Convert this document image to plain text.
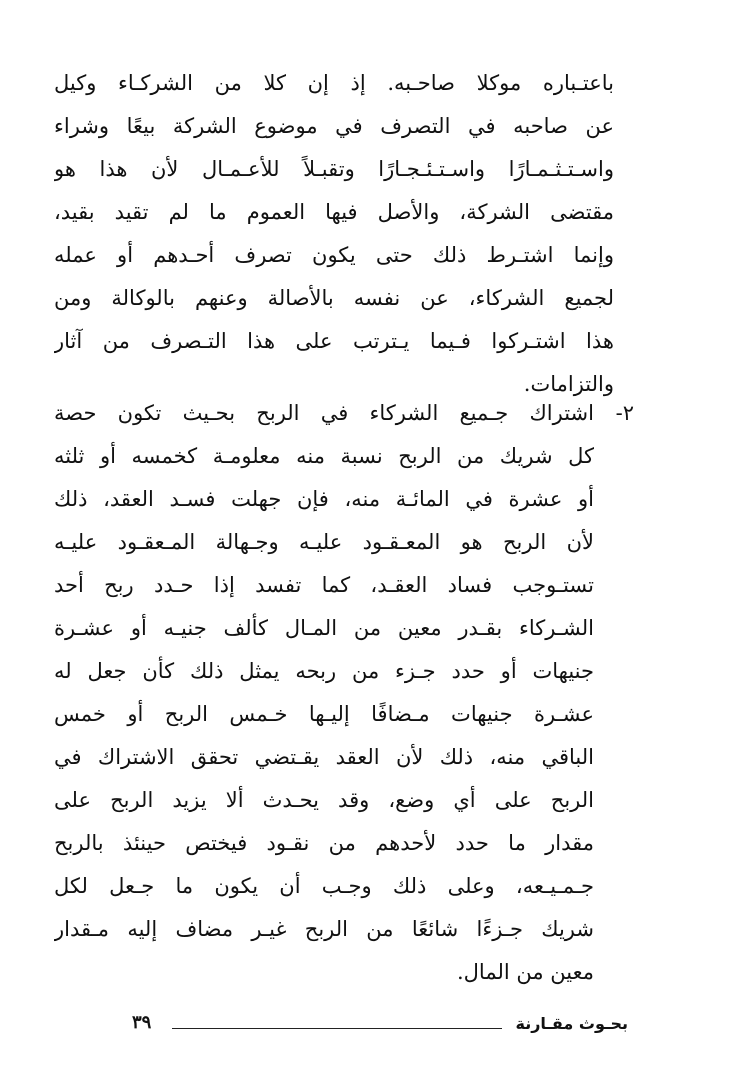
باعتـباره موكلا صاحـبه. إذ إن كلا من الشركـاء وكيل
عن صاحبه في التصرف في موضوع الشركة بيعًا وشراء
واسـتـثـمـارًا واسـتـئـجـارًا وتقبـلاً للأعـمـال لأن هذا هو
مقتضى الشركة، والأصل فيها العموم ما لم تقيد بقيد،
وإنما اشتـرط ذلك حتى يكون تصرف أحـدهم أو عمله
لجميع الشركاء، عن نفسه بالأصالة وعنهم بالوكالة ومن
هذا اشتـركوا فـيما يـترتب على هذا التـصرف من آثار
والتزامات.
٢-
اشتراك جـميع الشركاء في الربح بحـيث تكون حصة
كل شريك من الربح نسبة منه معلومـة كخمسه أو ثلثه
أو عشرة في المائـة منه، فإن جهلت فسـد العقد، ذلك
لأن الربح هو المعـقـود عليـه وجـهالة المـعقـود عليـه
تستـوجب فساد العقـد، كما تفسد إذا حـدد ربح أحد
الشـركاء بقـدر معين من المـال كألف جنيـه أو عشـرة
جنيهات أو حدد جـزء من ربحه يمثل ذلك كأن جعل له
عشـرة جنيهات مـضافًا إليـها خـمس الربح أو خمس
الباقي منه، ذلك لأن العقد يقـتضي تحقق الاشتراك في
الربح على أي وضع، وقد يحـدث ألا يزيد الربح على
مقدار ما حدد لأحدهم من نقـود فيختص حينئذ بالربح
جـمـيـعه، وعلى ذلك وجـب أن يكون ما جـعل لكل
شريك جـزءًا شائعًا من الربح غيـر مضاف إليه مـقدار
معين من المال.
بحـوث مقـارنة
٣٩
